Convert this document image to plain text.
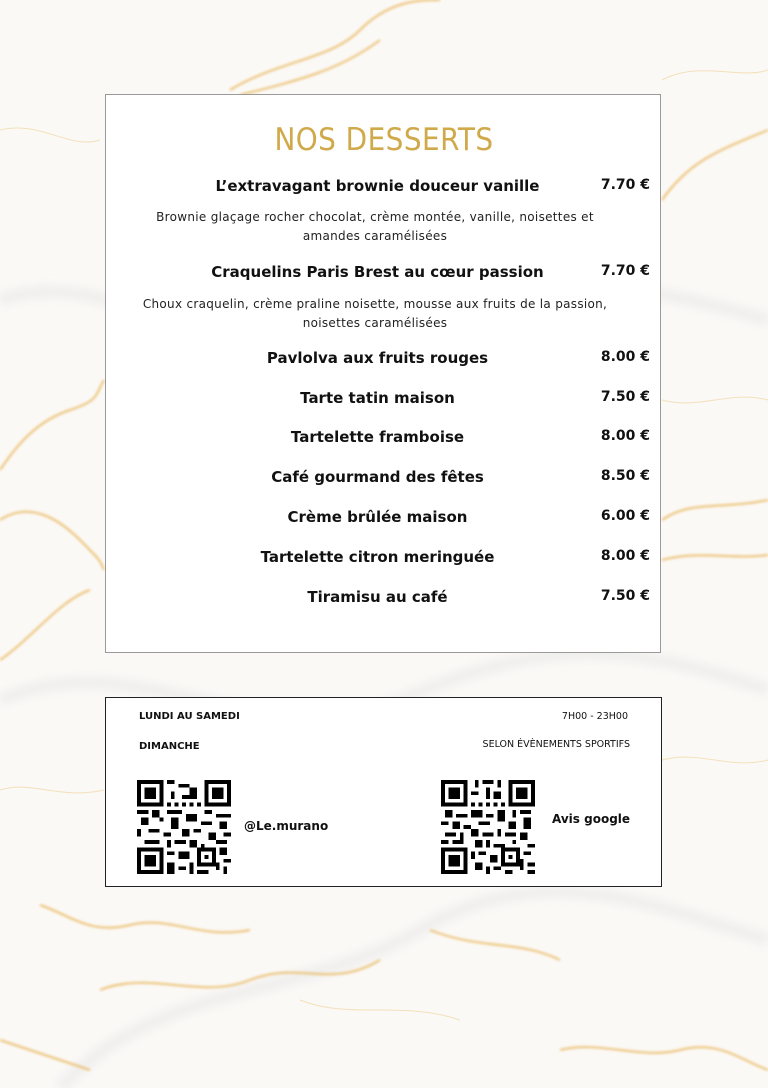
NOS DESSERTS
L’extravagant brownie douceur vanille	7.70 €
Brownie glaçage rocher chocolat, crème montée, vanille, noisettes et
amandes caramélisées
Craquelins Paris Brest au cœur passion	7.70 €
Choux craquelin, crème praline noisette, mousse aux fruits de la passion,
noisettes caramélisées
Pavlolva aux fruits rouges	8.00 €
Tarte tatin maison	7.50 €
Tartelette framboise	8.00 €
Café gourmand des fêtes	8.50 €
Crème brûlée maison	6.00 €
Tartelette citron meringuée	8.00 €
Tiramisu au café	7.50 €
LUNDI AU SAMEDI	7H00 - 23H00
DIMANCHE	SELON ÉVÈNEMENTS SPORTIFS
@Le.murano	Avis google
